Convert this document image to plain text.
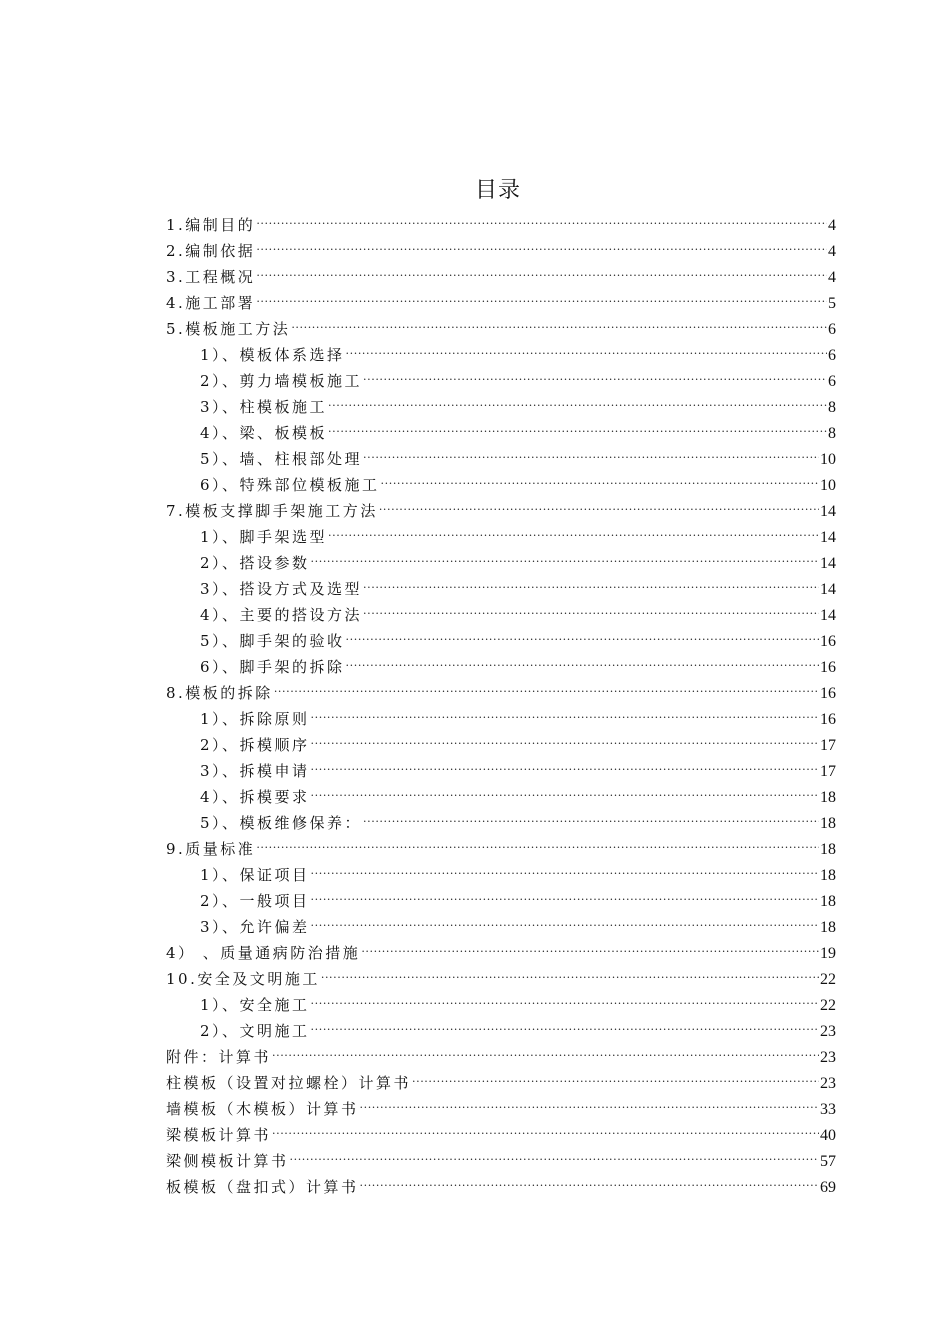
目录
1.编制目的 .....	4
2.编制依据 .....	4
3.工程概况 .....	4
4.施工部署 .....	5
5.模板施工方法 .....	6
1）、模板体系选择 .....	6
2）、剪力墙模板施工 .....	6
3）、柱模板施工 .....	8
4）、梁、板模板 .....	8
5）、墙、柱根部处理 .....	10
6）、特殊部位模板施工 .....	10
7.模板支撑脚手架施工方法 .....	14
1）、脚手架选型 .....	14
2）、搭设参数 .....	14
3）、搭设方式及选型 .....	14
4）、主要的搭设方法 .....	14
5）、脚手架的验收 .....	16
6）、脚手架的拆除 .....	16
8.模板的拆除 .....	16
1）、拆除原则 .....	16
2）、拆模顺序 .....	17
3）、拆模申请 .....	17
4）、拆模要求 .....	18
5）、模板维修保养： .....	18
9.质量标准 .....	18
1）、保证项目 .....	18
2）、一般项目 .....	18
3）、允许偏差 .....	18
4） 、质量通病防治措施 .....	19
10.安全及文明施工 .....	22
1）、安全施工 .....	22
2）、文明施工 .....	23
附件：计算书 .....	23
柱模板（设置对拉螺栓）计算书 .....	23
墙模板（木模板）计算书 .....	33
梁模板计算书 .....	40
梁侧模板计算书 .....	57
板模板（盘扣式）计算书 .....	69
